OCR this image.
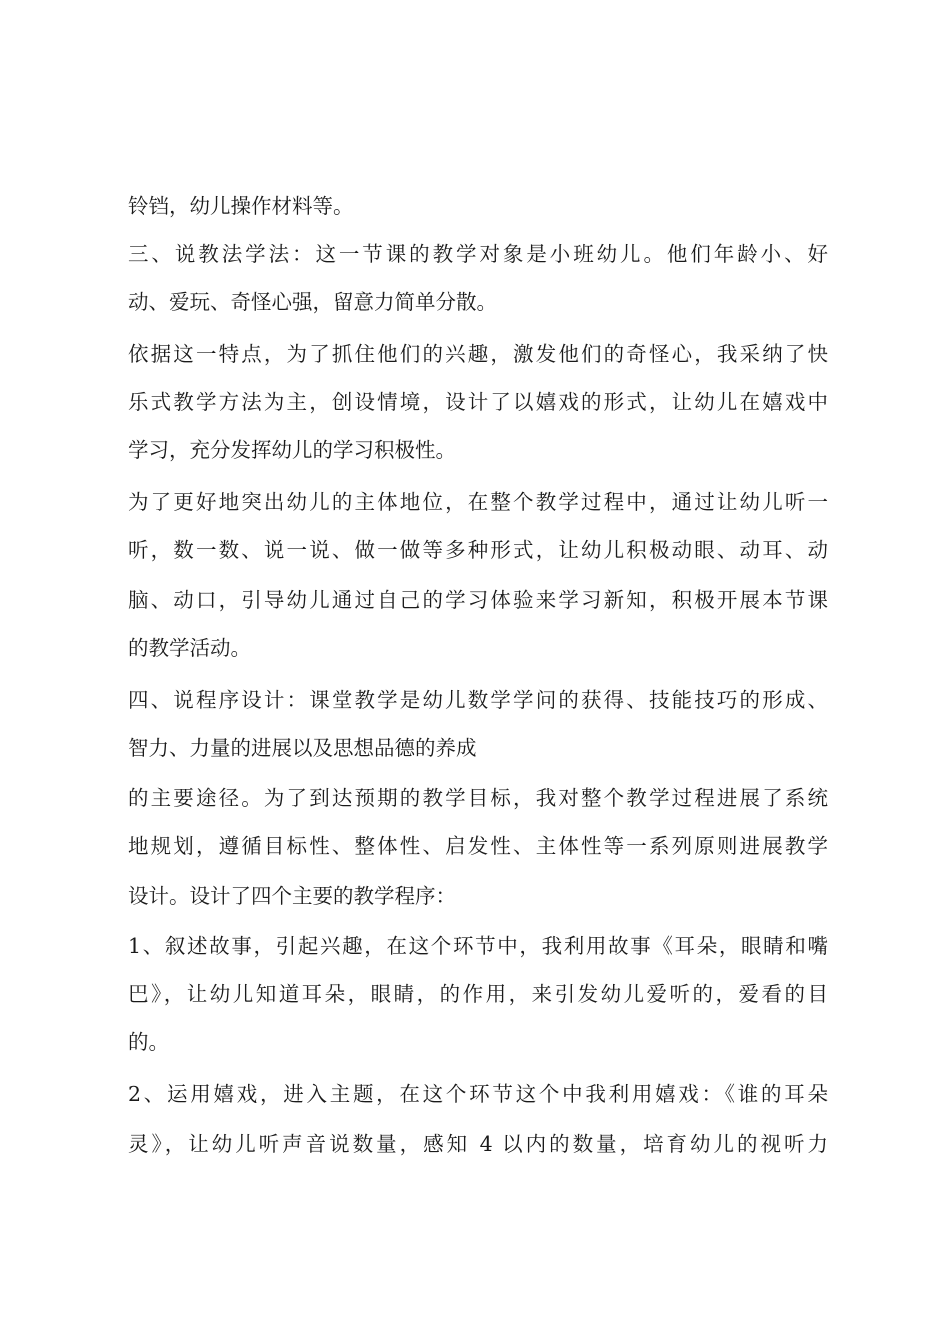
铃铛，幼儿操作材料等。
三、说教法学法：这一节课的教学对象是小班幼儿。他们年龄小、好
动、爱玩、奇怪心强，留意力简单分散。
依据这一特点，为了抓住他们的兴趣，激发他们的奇怪心，我采纳了快
乐式教学方法为主，创设情境，设计了以嬉戏的形式，让幼儿在嬉戏中
学习，充分发挥幼儿的学习积极性。
为了更好地突出幼儿的主体地位，在整个教学过程中，通过让幼儿听一
听，数一数、说一说、做一做等多种形式，让幼儿积极动眼、动耳、动
脑、动口，引导幼儿通过自己的学习体验来学习新知，积极开展本节课
的教学活动。
四、说程序设计：课堂教学是幼儿数学学问的获得、技能技巧的形成、
智力、力量的进展以及思想品德的养成
的主要途径。为了到达预期的教学目标，我对整个教学过程进展了系统
地规划，遵循目标性、整体性、启发性、主体性等一系列原则进展教学
设计。设计了四个主要的教学程序：
1、叙述故事，引起兴趣，在这个环节中，我利用故事《耳朵，眼睛和嘴
巴》，让幼儿知道耳朵，眼睛，的作用，来引发幼儿爱听的，爱看的目
的。
2、运用嬉戏，进入主题，在这个环节这个中我利用嬉戏：《谁的耳朵
灵》，让幼儿听声音说数量，感知 4 以内的数量，培育幼儿的视听力
